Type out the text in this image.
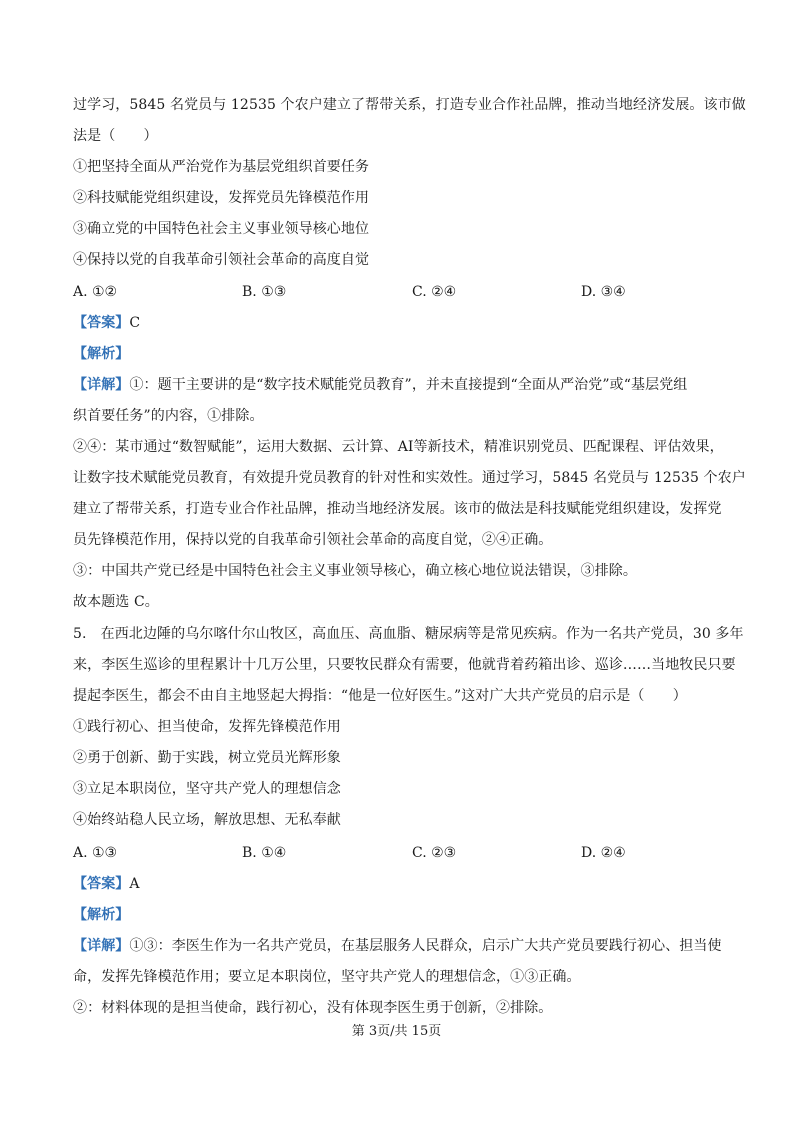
过学习，5845 名党员与 12535 个农户建立了帮带关系，打造专业合作社品牌，推动当地经济发展。该市做
法是（　　）
①把坚持全面从严治党作为基层党组织首要任务
②科技赋能党组织建设，发挥党员先锋模范作用
③确立党的中国特色社会主义事业领导核心地位
④保持以党的自我革命引领社会革命的高度自觉
A. ①②	B. ①③	C. ②④	D. ③④
【答案】C
【解析】
【详解】①：题干主要讲的是“数字技术赋能党员教育”，并未直接提到“全面从严治党”或“基层党组
织首要任务”的内容，①排除。
②④：某市通过“数智赋能”，运用大数据、云计算、AⅠ等新技术，精准识别党员、匹配课程、评估效果，
让数字技术赋能党员教育，有效提升党员教育的针对性和实效性。通过学习，5845 名党员与 12535 个农户
建立了帮带关系，打造专业合作社品牌，推动当地经济发展。该市的做法是科技赋能党组织建设，发挥党
员先锋模范作用，保持以党的自我革命引领社会革命的高度自觉，②④正确。
③：中国共产党已经是中国特色社会主义事业领导核心，确立核心地位说法错误，③排除。
故本题选 C。
5.　在西北边陲的乌尔喀什尔山牧区，高血压、高血脂、糖尿病等是常见疾病。作为一名共产党员，30 多年
来，李医生巡诊的里程累计十几万公里，只要牧民群众有需要，他就背着药箱出诊、巡诊……当地牧民只要
提起李医生，都会不由自主地竖起大拇指：“他是一位好医生。”这对广大共产党员的启示是（　　）
①践行初心、担当使命，发挥先锋模范作用
②勇于创新、勤于实践，树立党员光辉形象
③立足本职岗位，坚守共产党人的理想信念
④始终站稳人民立场，解放思想、无私奉献
A. ①③	B. ①④	C. ②③	D. ②④
【答案】A
【解析】
【详解】①③：李医生作为一名共产党员，在基层服务人民群众，启示广大共产党员要践行初心、担当使
命，发挥先锋模范作用；要立足本职岗位，坚守共产党人的理想信念，①③正确。
②：材料体现的是担当使命，践行初心，没有体现李医生勇于创新，②排除。
第 3页/共 15页
